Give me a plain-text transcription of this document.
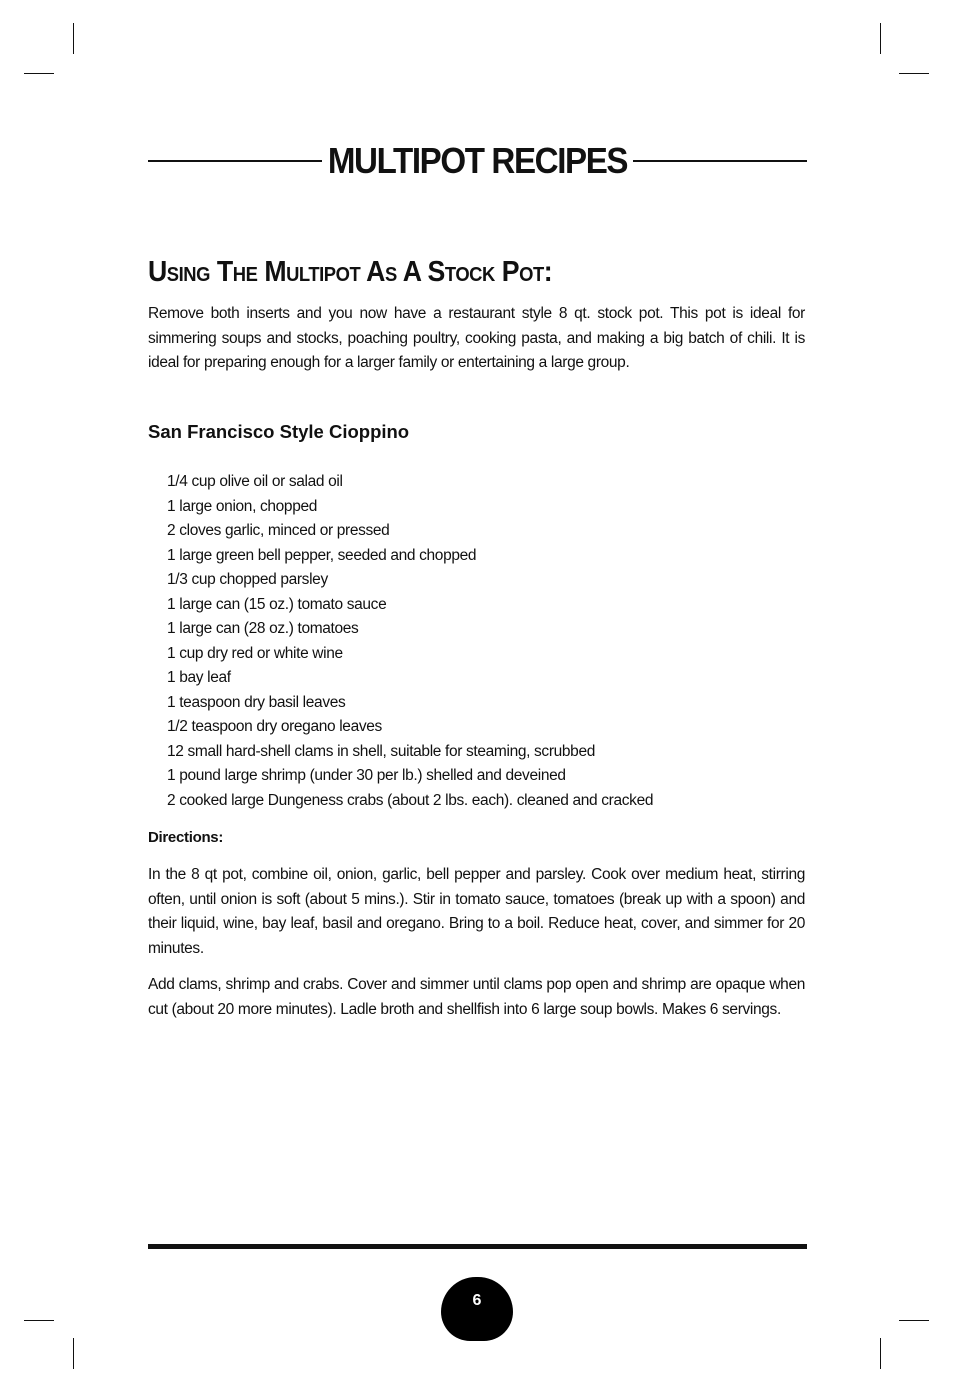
MULTIPOT RECIPES
Using The Multipot As A Stock Pot:

Remove both inserts and you now have a restaurant style 8 qt. stock pot. This pot is ideal for simmering soups and stocks, poaching poultry, cooking pasta, and making a big batch of chili. It is ideal for preparing enough for a larger family or entertaining a large group.

San Francisco Style Cioppino
1/4 cup olive oil or salad oil
1 large onion, chopped
2 cloves garlic, minced or pressed
1 large green bell pepper, seeded and chopped
1/3 cup chopped parsley
1 large can (15 oz.) tomato sauce
1 large can (28 oz.) tomatoes
1 cup dry red or white wine
1 bay leaf
1 teaspoon dry basil leaves
1/2 teaspoon dry oregano leaves
12 small hard-shell clams in shell, suitable for steaming, scrubbed
1 pound large shrimp (under 30 per lb.) shelled and deveined
2 cooked large Dungeness crabs (about 2 lbs. each). cleaned and cracked
Directions:

In the 8 qt pot, combine oil, onion, garlic, bell pepper and parsley. Cook over medium heat, stirring often, until onion is soft (about 5 mins.). Stir in tomato sauce, tomatoes (break up with a spoon) and their liquid, wine, bay leaf, basil and oregano. Bring to a boil. Reduce heat, cover, and simmer for 20 minutes.

Add clams, shrimp and crabs. Cover and simmer until clams pop open and shrimp are opaque when cut (about 20 more minutes). Ladle broth and shellfish into 6 large soup bowls. Makes 6 servings.

6
